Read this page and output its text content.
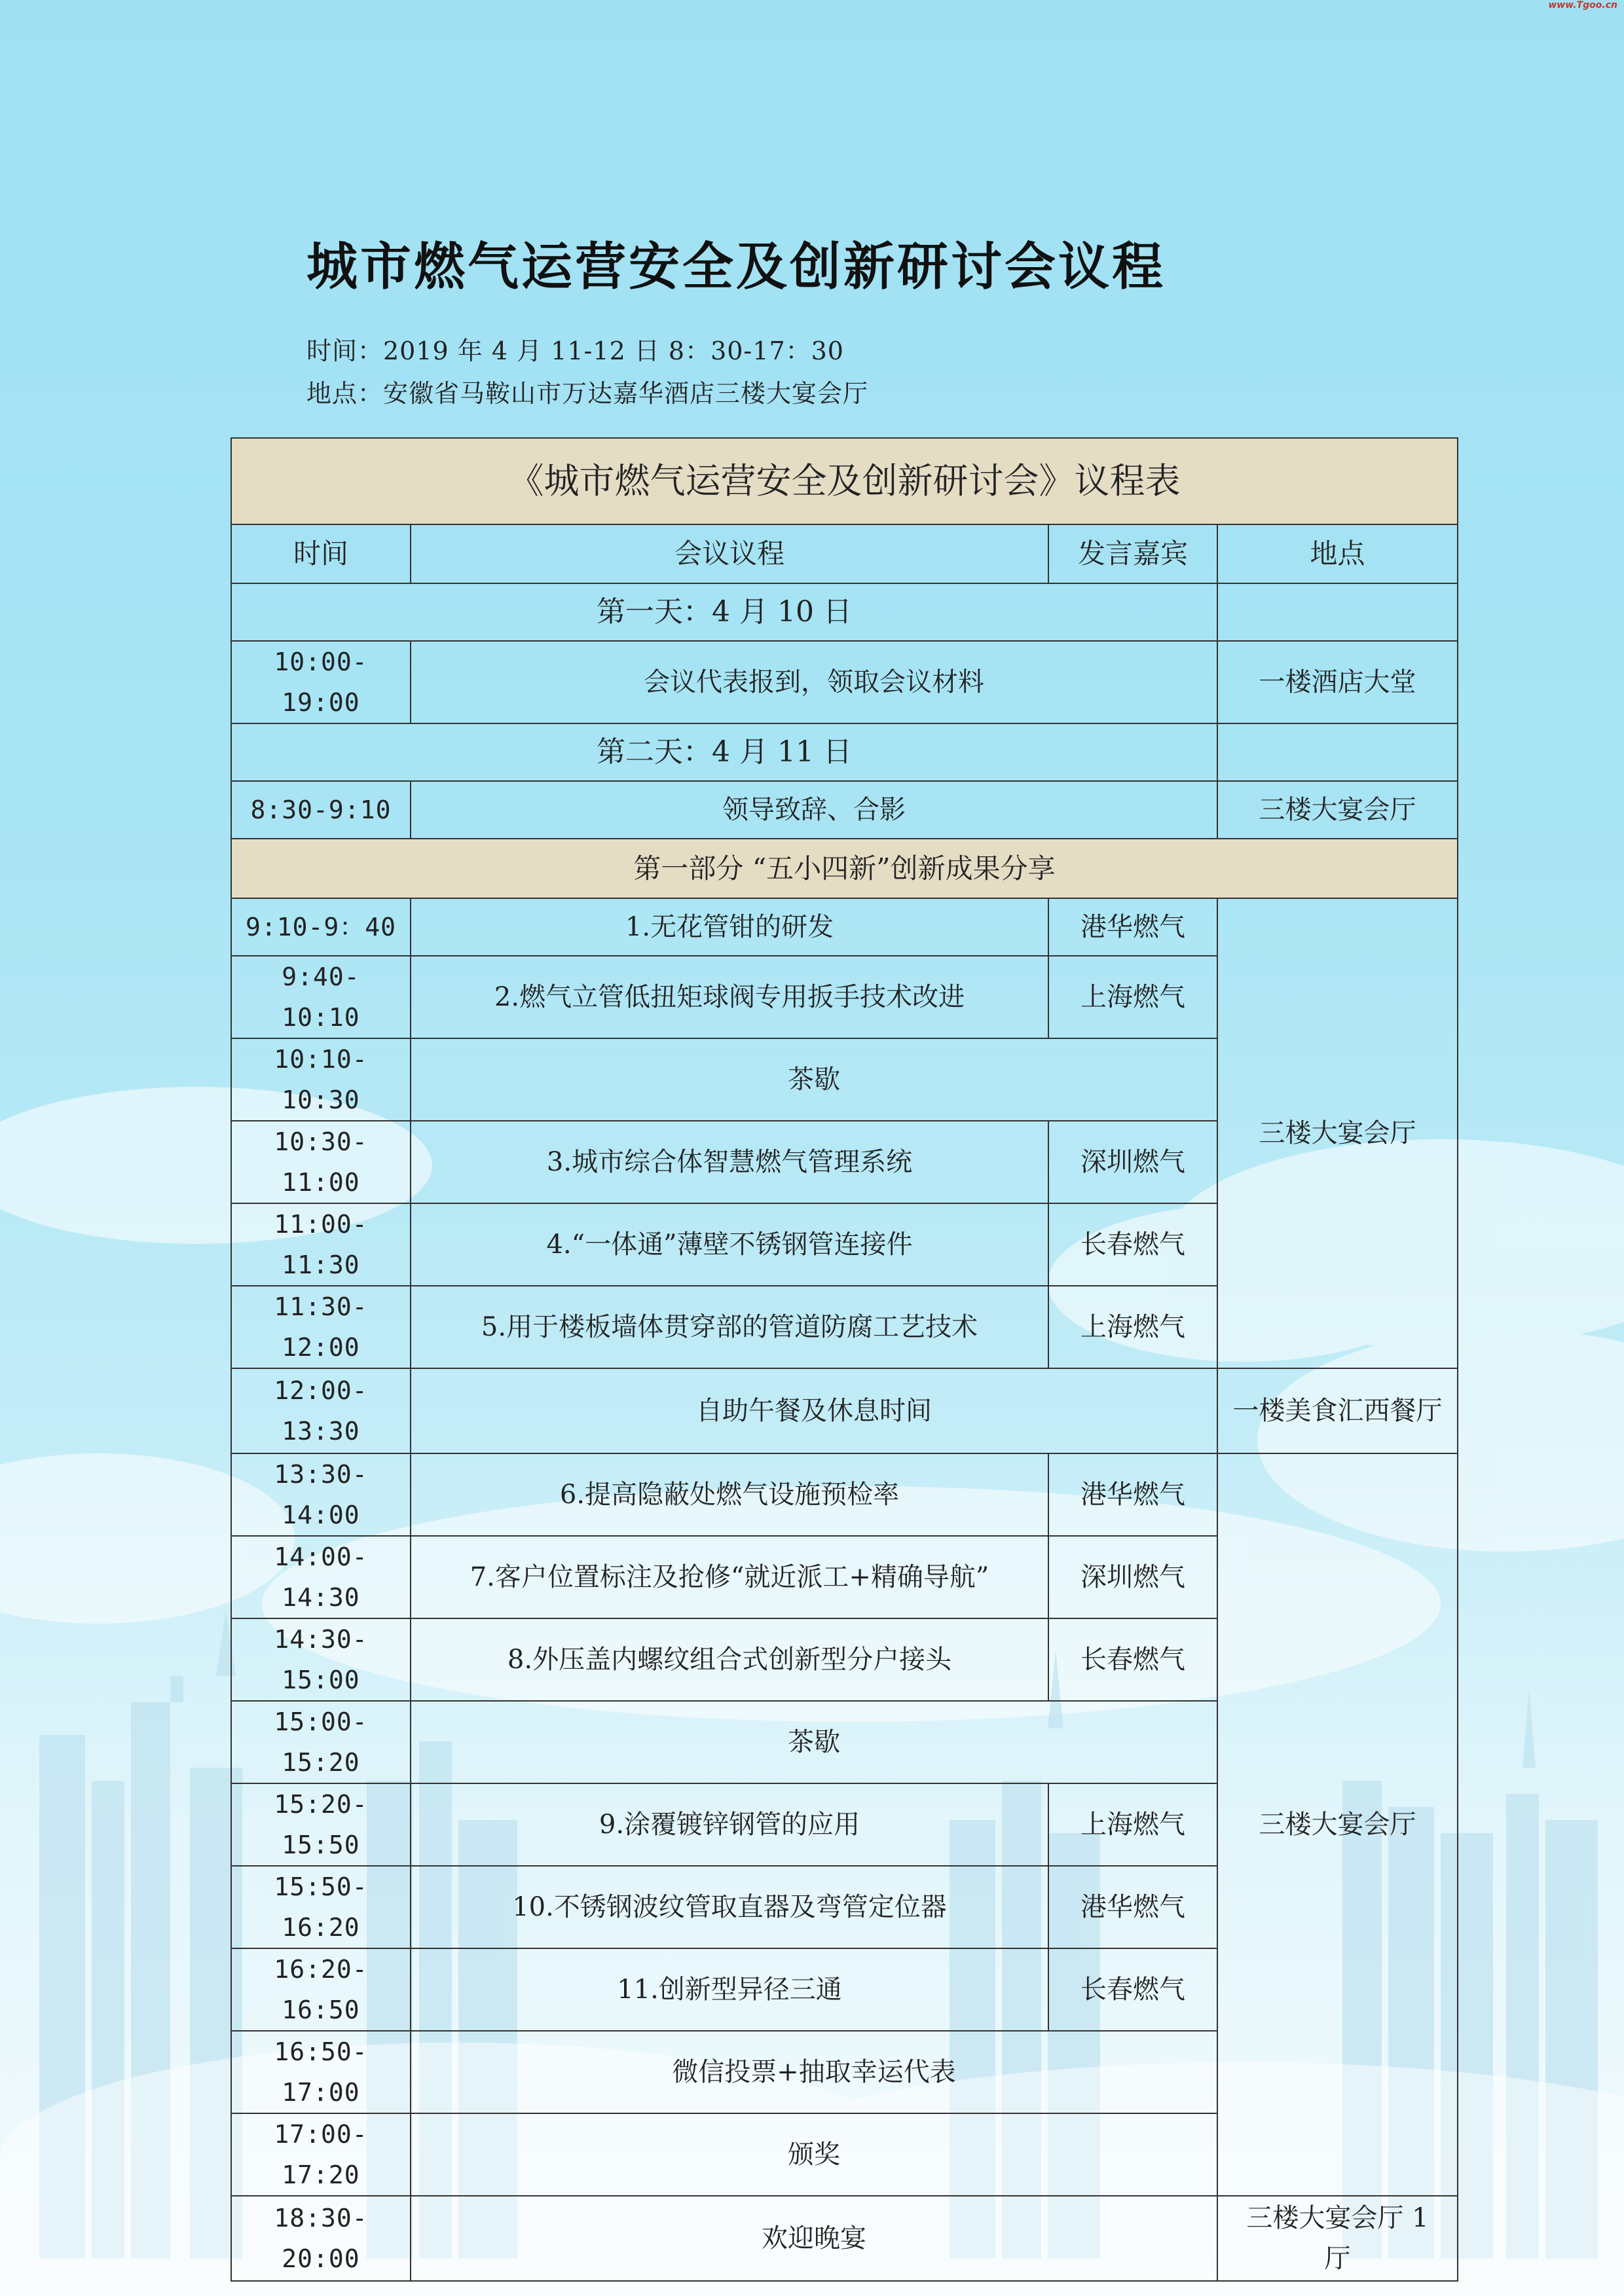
www.Tgoo.cn
城市燃气运营安全及创新研讨会议程
时间：2019 年 4 月 11-12 日 8：30-17：30
地点：安徽省马鞍山市万达嘉华酒店三楼大宴会厅
《城市燃气运营安全及创新研讨会》议程表			
时间	会议议程	发言嘉宾	地点
第一天：4 月 10 日			
10:00-19:00	会议代表报到，领取会议材料		一楼酒店大堂
第二天：4 月 11 日			
8:30-9:10	领导致辞、合影		三楼大宴会厅
第一部分 “五小四新”创新成果分享			
9:10-9：40	1.无花管钳的研发	港华燃气	三楼大宴会厅
9:40-10:10	2.燃气立管低扭矩球阀专用扳手技术改进	上海燃气	
10:10-10:30	茶歇		
10:30-11:00	3.城市综合体智慧燃气管理系统	深圳燃气	
11:00-11:30	4.“一体通”薄壁不锈钢管连接件	长春燃气	
11:30-12:00	5.用于楼板墙体贯穿部的管道防腐工艺技术	上海燃气	
12:00-13:30	自助午餐及休息时间		一楼美食汇西餐厅
13:30-14:00	6.提高隐蔽处燃气设施预检率	港华燃气	三楼大宴会厅
14:00-14:30	7.客户位置标注及抢修“就近派工+精确导航”	深圳燃气	
14:30-15:00	8.外压盖内螺纹组合式创新型分户接头	长春燃气	
15:00-15:20	茶歇		
15:20-15:50	9.涂覆镀锌钢管的应用	上海燃气	
15:50-16:20	10.不锈钢波纹管取直器及弯管定位器	港华燃气	
16:20-16:50	11.创新型异径三通	长春燃气	
16:50-17:00	微信投票+抽取幸运代表		
17:00-17:20	颁奖		
18:30-20:00	欢迎晚宴		三楼大宴会厅 1 厅
